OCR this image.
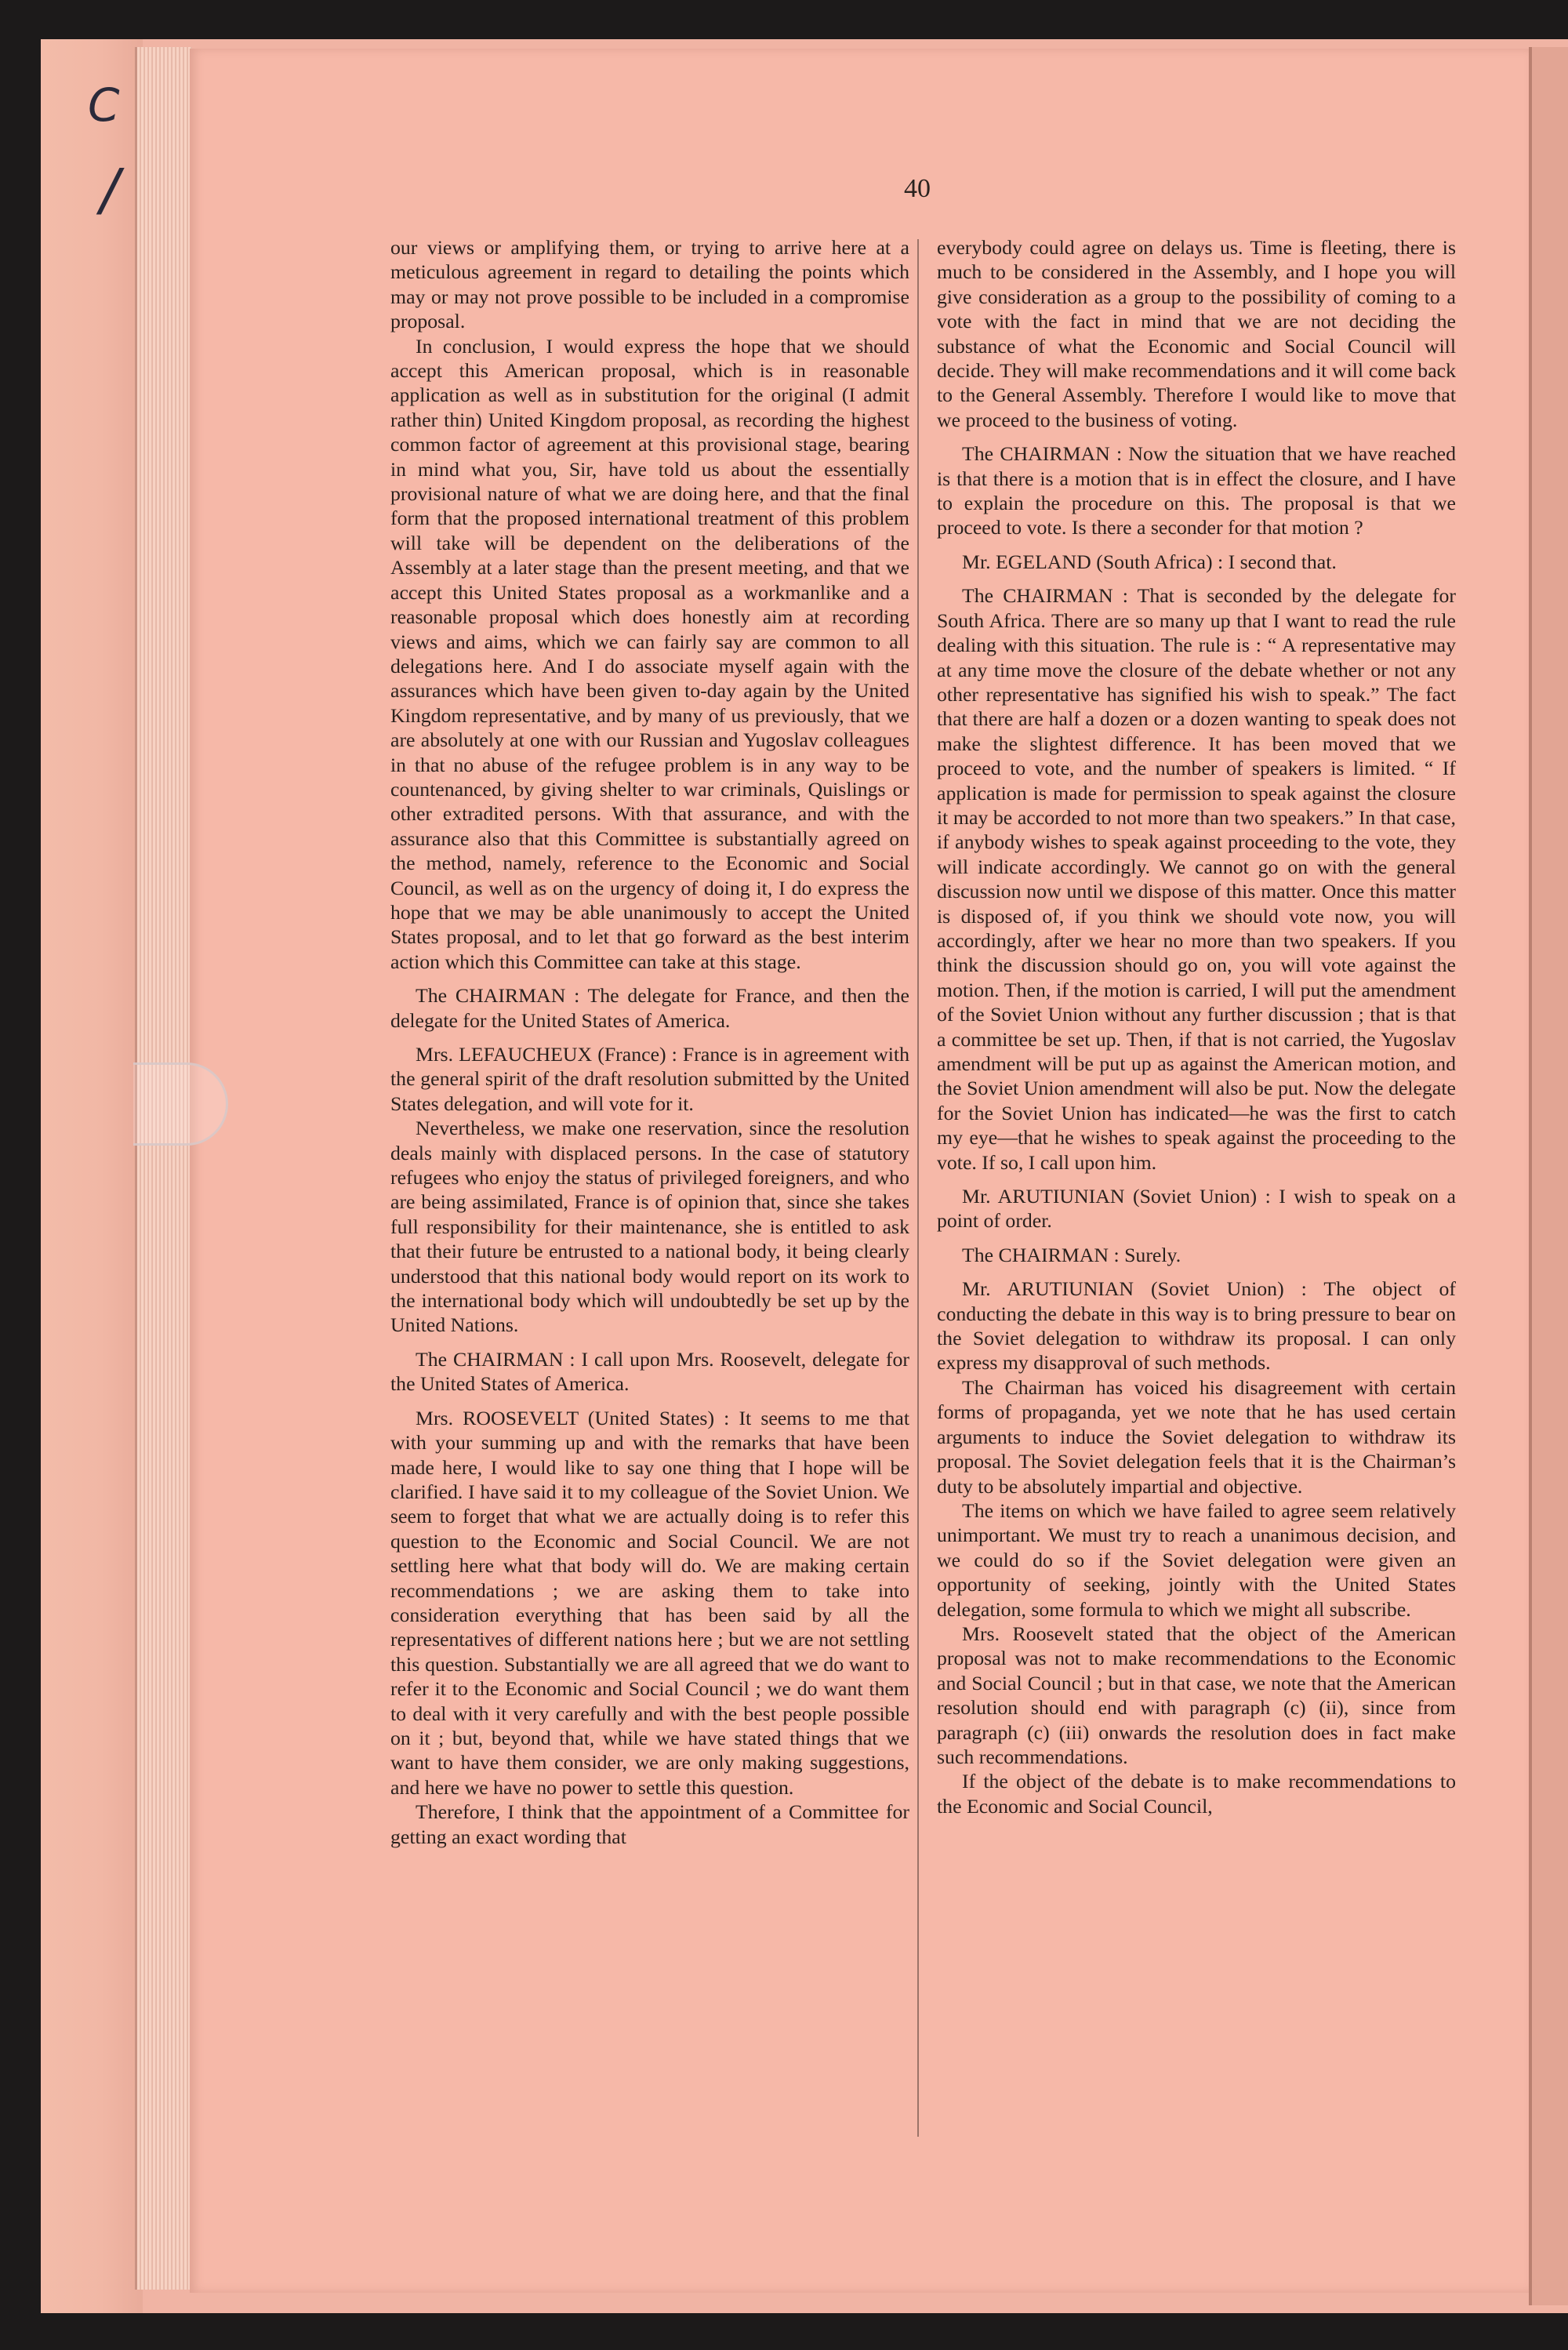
C
/	40

our views or amplifying them, or trying to arrive here at a meticulous agreement in regard to detailing the points which may or may not prove possible to be included in a compromise proposal.

In conclusion, I would express the hope that we should accept this American proposal, which is in reasonable application as well as in substitution for the original (I admit rather thin) United Kingdom proposal, as recording the highest common factor of agreement at this provisional stage, bearing in mind what you, Sir, have told us about the essentially provisional nature of what we are doing here, and that the final form that the proposed international treatment of this problem will take will be dependent on the deliberations of the Assembly at a later stage than the present meeting, and that we accept this United States proposal as a workmanlike and a reasonable proposal which does honestly aim at recording views and aims, which we can fairly say are common to all delegations here. And I do associate myself again with the assurances which have been given to-day again by the United Kingdom representative, and by many of us previously, that we are absolutely at one with our Russian and Yugoslav colleagues in that no abuse of the refugee problem is in any way to be countenanced, by giving shelter to war criminals, Quislings or other extradited persons. With that assurance, and with the assurance also that this Committee is substantially agreed on the method, namely, reference to the Economic and Social Council, as well as on the urgency of doing it, I do express the hope that we may be able unanimously to accept the United States proposal, and to let that go forward as the best interim action which this Committee can take at this stage.

The CHAIRMAN : The delegate for France, and then the delegate for the United States of America.

Mrs. LEFAUCHEUX (France) : France is in agreement with the general spirit of the draft resolution submitted by the United States delegation, and will vote for it.

Nevertheless, we make one reservation, since the resolution deals mainly with displaced persons. In the case of statutory refugees who enjoy the status of privileged foreigners, and who are being assimilated, France is of opinion that, since she takes full responsibility for their maintenance, she is entitled to ask that their future be entrusted to a national body, it being clearly understood that this national body would report on its work to the international body which will undoubtedly be set up by the United Nations.

The CHAIRMAN : I call upon Mrs. Roosevelt, delegate for the United States of America.

Mrs. ROOSEVELT (United States) : It seems to me that with your summing up and with the remarks that have been made here, I would like to say one thing that I hope will be clarified. I have said it to my colleague of the Soviet Union. We seem to forget that what we are actually doing is to refer this question to the Economic and Social Council. We are not settling here what that body will do. We are making certain recommendations ; we are asking them to take into consideration everything that has been said by all the representatives of different nations here ; but we are not settling this question. Substantially we are all agreed that we do want to refer it to the Economic and Social Council ; we do want them to deal with it very carefully and with the best people possible on it ; but, beyond that, while we have stated things that we want to have them consider, we are only making suggestions, and here we have no power to settle this question.

Therefore, I think that the appointment of a Committee for getting an exact wording that

everybody could agree on delays us. Time is fleeting, there is much to be considered in the Assembly, and I hope you will give consideration as a group to the possibility of coming to a vote with the fact in mind that we are not deciding the substance of what the Economic and Social Council will decide. They will make recommendations and it will come back to the General Assembly. Therefore I would like to move that we proceed to the business of voting.

The CHAIRMAN : Now the situation that we have reached is that there is a motion that is in effect the closure, and I have to explain the procedure on this. The proposal is that we proceed to vote. Is there a seconder for that motion ?

Mr. EGELAND (South Africa) : I second that.

The CHAIRMAN : That is seconded by the delegate for South Africa. There are so many up that I want to read the rule dealing with this situation. The rule is : “ A representative may at any time move the closure of the debate whether or not any other representative has signified his wish to speak.” The fact that there are half a dozen or a dozen wanting to speak does not make the slightest difference. It has been moved that we proceed to vote, and the number of speakers is limited. “ If application is made for permission to speak against the closure it may be accorded to not more than two speakers.” In that case, if anybody wishes to speak against proceeding to the vote, they will indicate accordingly. We cannot go on with the general discussion now until we dispose of this matter. Once this matter is disposed of, if you think we should vote now, you will accordingly, after we hear no more than two speakers. If you think the discussion should go on, you will vote against the motion. Then, if the motion is carried, I will put the amendment of the Soviet Union without any further discussion ; that is that a committee be set up. Then, if that is not carried, the Yugoslav amendment will be put up as against the American motion, and the Soviet Union amendment will also be put. Now the delegate for the Soviet Union has indicated—he was the first to catch my eye—that he wishes to speak against the proceeding to the vote. If so, I call upon him.

Mr. ARUTIUNIAN (Soviet Union) : I wish to speak on a point of order.

The CHAIRMAN : Surely.

Mr. ARUTIUNIAN (Soviet Union) : The object of conducting the debate in this way is to bring pressure to bear on the Soviet delegation to withdraw its proposal. I can only express my disapproval of such methods.

The Chairman has voiced his disagreement with certain forms of propaganda, yet we note that he has used certain arguments to induce the Soviet delegation to withdraw its proposal. The Soviet delegation feels that it is the Chairman’s duty to be absolutely impartial and objective.

The items on which we have failed to agree seem relatively unimportant. We must try to reach a unanimous decision, and we could do so if the Soviet delegation were given an opportunity of seeking, jointly with the United States delegation, some formula to which we might all subscribe.

Mrs. Roosevelt stated that the object of the American proposal was not to make recommendations to the Economic and Social Council ; but in that case, we note that the American resolution should end with paragraph (c) (ii), since from paragraph (c) (iii) onwards the resolution does in fact make such recommendations.

If the object of the debate is to make recommendations to the Economic and Social Council,
